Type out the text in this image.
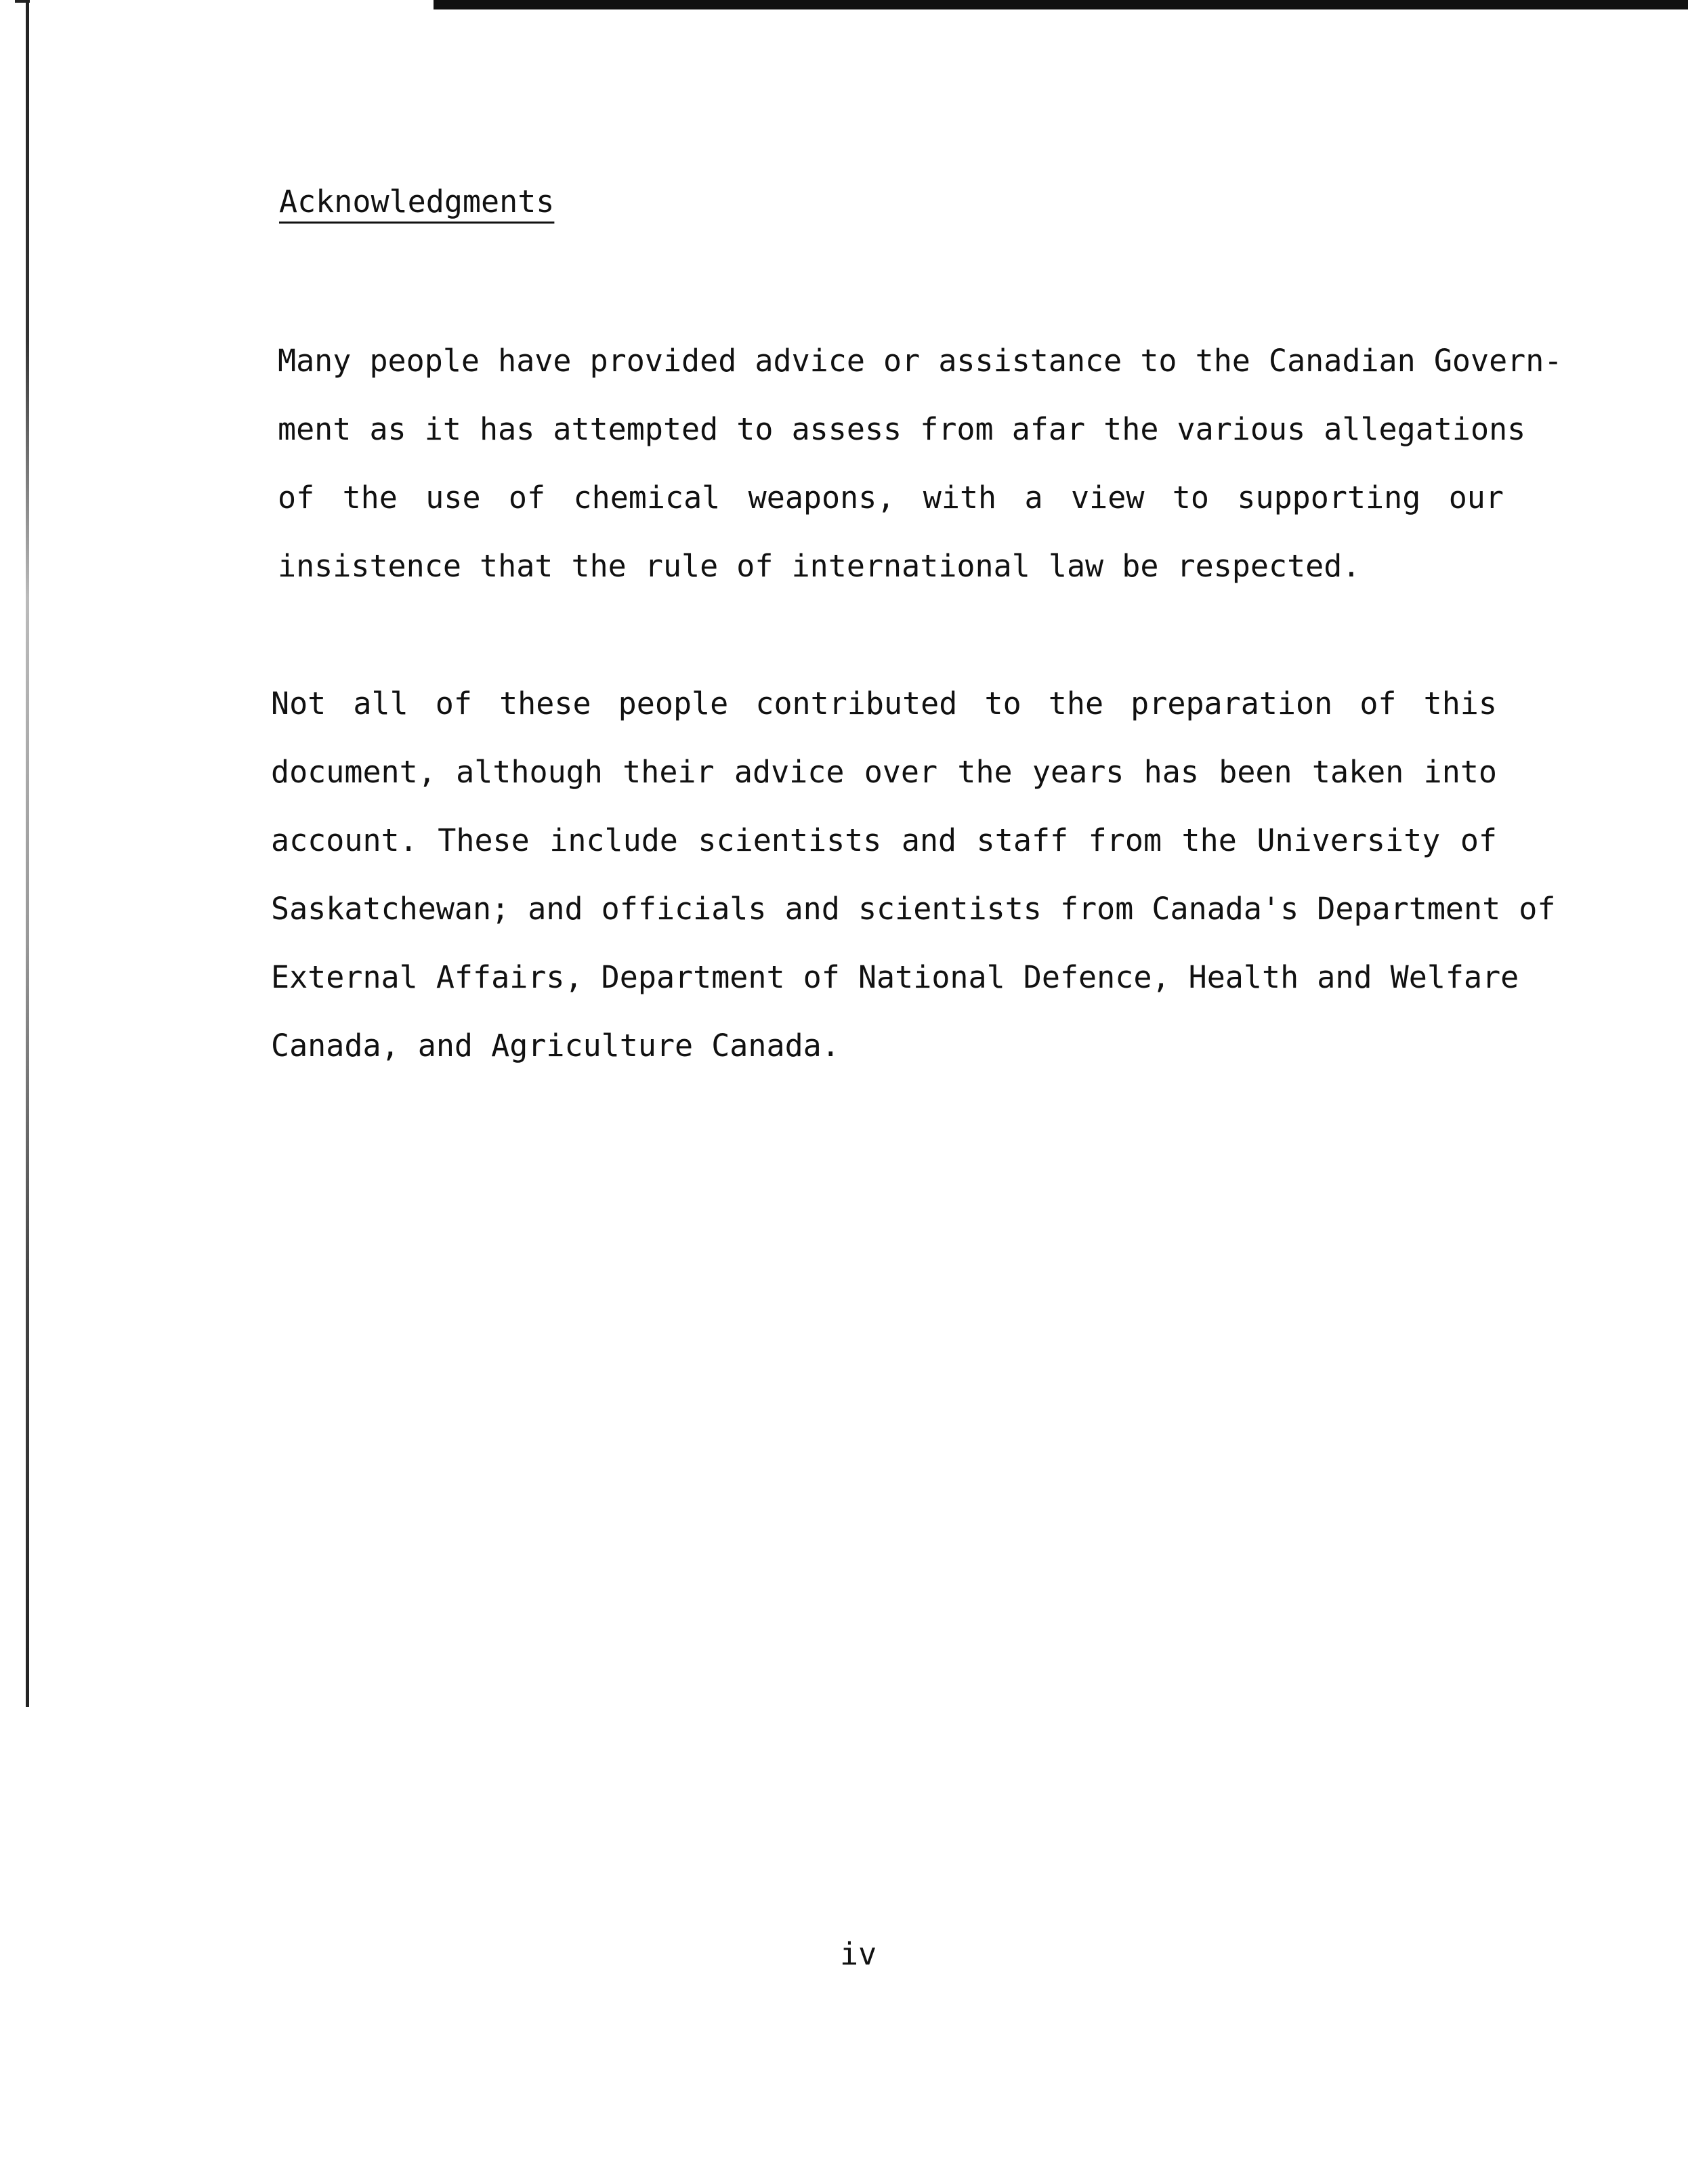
Acknowledgments
Many people have provided advice or assistance to the Canadian Govern-
ment as it has attempted to assess from afar the various allegations
of the use of chemical weapons, with a view to supporting our
insistence that the rule of international law be respected.
Not all of these people contributed to the preparation of this
document, although their advice over the years has been taken into
account. These include scientists and staff from the University of
Saskatchewan; and officials and scientists from Canada's Department of
External Affairs, Department of National Defence, Health and Welfare
Canada, and Agriculture Canada.
iv
